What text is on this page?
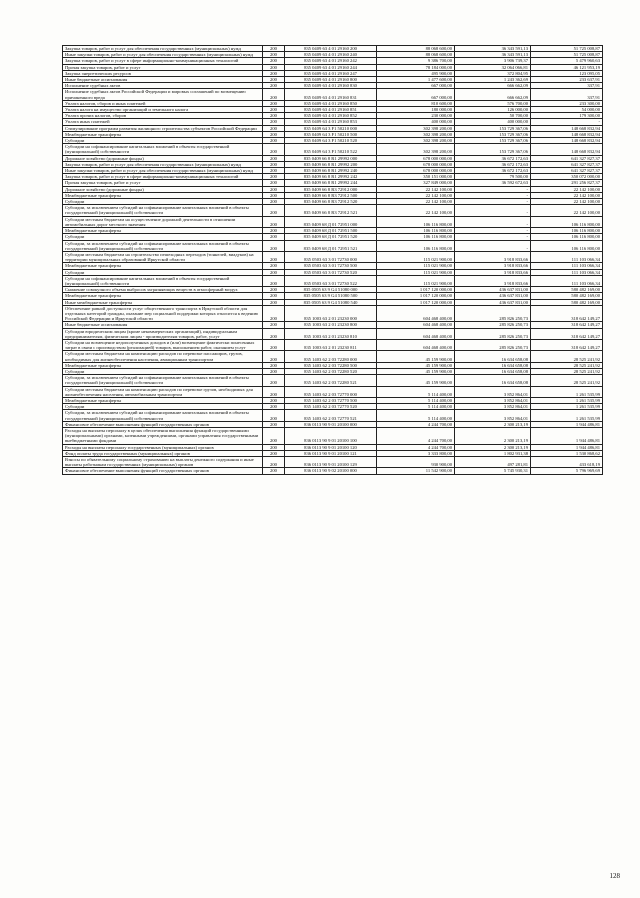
Закупка товаров, работ и услуг для обеспечения государственных (муниципальных) нужд	200	835 0409 63 4 01 29160 200	88 068 600,00	36 343 591,13	51 725 008,87
Иные закупки товаров, работ и услуг для обеспечения государственных (муниципальных) нужд	200	835 0409 63 4 01 29160 240	88 068 600,00	36 343 591,13	51 725 008,87
Закупка товаров, работ и услуг в сфере информационно-коммуникационных технологий	200	835 0409 63 4 01 29160 242	9 386 700,00	3 906 739,37	5 479 960,63
Прочая закупка товаров, работ и услуг	200	835 0409 63 4 01 29160 244	78 184 000,00	32 064 066,81	46 121 953,19
Закупка энергетических ресурсов	200	835 0409 63 4 01 29160 247	495 900,00	372 804,95	123 095,05
Иные бюджетные ассигнования	200	835 0409 63 4 01 29160 800	1 477 600,00	1 243 362,69	233 637,91
Исполнение судебных актов	200	835 0409 63 4 01 29160 830	667 000,00	666 662,09	337,91
Исполнение судебных актов Российской Федерации и мировых соглашений по возмещению причиненного вреда	200	835 0409 63 4 01 29160 831	667 000,00	666 662,09	337,91
Уплата налогов, сборов и иных платежей	200	835 0409 63 4 01 29160 850	810 600,00	576 700,00	233 300,00
Уплата налога на имущество организаций и земельного налога	200	835 0409 63 4 01 29160 851	180 000,00	126 000,00	54 000,00
Уплата прочих налогов, сборов	200	835 0409 63 4 01 29160 852	230 000,00	50 700,00	179 300,00
Уплата иных платежей	200	835 0409 63 4 01 29160 853	400 000,00	400 000,00	-
Стимулирование программ развития жилищного строительства субъектов Российской Федерации	200	835 0409 64 3 F1 50210 000	302 398 200,00	153 729 367,06	148 668 832,94
Межбюджетные трансферты	200	835 0409 64 3 F1 50210 500	302 398 200,00	153 729 367,06	148 668 832,94
Субсидии	200	835 0409 64 3 F1 50210 520	302 398 200,00	153 729 367,06	148 668 832,94
Субсидии на софинансирование капитальных вложений в объекты государственной (муниципальной) собственности	200	835 0409 64 3 F1 50210 522	302 398 200,00	153 729 367,06	148 668 832,94
Дорожное хозяйство (дорожные фонды)	200	835 0409 66 8 R1 29992 000	678 000 000,00	36 672 172,63	641 327 827,37
Закупка товаров, работ и услуг для обеспечения государственных (муниципальных) нужд	200	835 0409 66 8 R1 29992 200	678 000 000,00	36 672 172,63	641 327 827,37
Иные закупки товаров, работ и услуг для обеспечения государственных (муниципальных) нужд	200	835 0409 66 8 R1 29992 240	678 000 000,00	36 672 172,63	641 327 827,37
Закупка товаров, работ и услуг в сфере информационно-коммуникационных технологий	200	835 0409 66 8 R1 29992 242	350 151 000,00	79 500,00	350 072 000,00
Прочая закупка товаров, работ и услуг	200	835 0409 66 8 R1 29992 244	327 849 000,00	36 592 672,63	291 256 827,37
Дорожное хозяйство (дорожные фонды)	200	835 0409 66 8 R3 72912 000	22 142 100,00	-	22 142 100,00
Межбюджетные трансферты	200	835 0409 66 8 R3 72912 500	22 142 100,00	-	22 142 100,00
Субсидии	200	835 0409 66 8 R3 72912 520	22 142 100,00	-	22 142 100,00
Субсидии, за исключением субсидий на софинансирование капитальных вложений в объекты государственной (муниципальной) собственности	200	835 0409 66 8 R3 72912 521	22 142 100,00	-	22 142 100,00
Субсидии местным бюджетам на осуществление дорожной деятельности в отношении автомобильных дорог местного значения	200	835 0409 68 Д 01 72951 000	106 116 800,00	-	106 116 800,00
Межбюджетные трансферты	200	835 0409 68 Д 01 72951 500	106 116 800,00	-	106 116 800,00
Субсидии	200	835 0409 68 Д 01 72951 520	106 116 800,00	-	106 116 800,00
Субсидии, за исключением субсидий на софинансирование капитальных вложений в объекты государственной (муниципальной) собственности	200	835 0409 68 Д 01 72951 521	106 116 800,00	-	106 116 800,00
Субсидии местным бюджетам на строительство пешеходных переходов (тоннелей, виадуков) на территории муниципальных образований Иркутской области	200	835 0503 63 3 01 72730 000	115 021 900,00	3 918 833,66	111 103 066,34
Межбюджетные трансферты	200	835 0503 63 3 01 72730 500	115 021 900,00	3 918 833,66	111 103 066,34
Субсидии	200	835 0503 63 3 01 72730 520	115 021 900,00	3 918 833,66	111 103 066,34
Субсидии на софинансирование капитальных вложений в объекты государственной (муниципальной) собственности	200	835 0503 63 3 01 72730 522	115 021 900,00	3 918 833,66	111 103 066,34
Снижение совокупного объема выбросов загрязняющих веществ в атмосферный воздух	200	835 0505 63 9 G4 51080 000	1 017 120 000,00	436 637 831,00	580 482 169,00
Межбюджетные трансферты	200	835 0505 63 9 G4 51080 500	1 017 120 000,00	436 637 831,00	580 482 169,00
Иные межбюджетные трансферты	200	835 0505 63 9 G4 51080 540	1 017 120 000,00	436 637 831,00	580 482 169,00
Обеспечение равной доступности услуг общественного транспорта в Иркутской области для отдельных категорий граждан, оказание мер социальной поддержки которых относится к ведению Российской Федерации и Иркутской области	200	835 1003 63 2 01 23230 000	604 468 400,00	285 826 250,73	318 642 149,27
Иные бюджетные ассигнования	200	835 1003 63 2 01 23230 800	604 468 400,00	285 826 250,73	318 642 149,27
Субсидии юридическим лицам (кроме некоммерческих организаций), индивидуальным предпринимателям, физическим лицам - производителям товаров, работ, услуг	200	835 1003 63 2 01 23230 810	604 468 400,00	285 826 250,73	318 642 149,27
Субсидии на возмещение недополученных доходов и (или) возмещение фактически понесенных затрат в связи с производством (реализацией) товаров, выполнением работ, оказанием услуг	200	835 1003 63 2 01 23230 811	604 468 400,00	285 826 250,73	318 642 149,27
Субсидии местным бюджетам на компенсацию расходов по перевозке пассажиров, грузов, необходимых для жизнеобеспечения населения, авиационным транспортом	200	835 1403 62 2 03 72280 000	45 159 900,00	16 634 658,08	28 525 241,92
Межбюджетные трансферты	200	835 1403 62 2 03 72280 500	45 159 900,00	16 634 658,08	28 525 241,92
Субсидии	200	835 1403 62 2 03 72280 520	45 159 900,00	16 634 658,08	28 525 241,92
Субсидии, за исключением субсидий на софинансирование капитальных вложений в объекты государственной (муниципальной) собственности	200	835 1403 62 2 03 72280 521	45 159 900,00	16 634 658,08	28 525 241,92
Субсидии местным бюджетам на компенсацию расходов по перевозке грузов, необходимых для жизнеобеспечения населения, автомобильным транспортом	200	835 1403 62 2 03 72770 000	5 114 400,00	3 852 864,01	1 261 535,99
Межбюджетные трансферты	200	835 1403 62 2 03 72770 500	5 114 400,00	3 852 864,01	1 261 535,99
Субсидии	200	835 1403 62 2 03 72770 520	5 114 400,00	3 852 864,01	1 261 535,99
Субсидии, за исключением субсидий на софинансирование капитальных вложений в объекты государственной (муниципальной) собственности	200	835 1403 62 2 03 72770 521	5 114 400,00	3 852 864,01	1 261 535,99
Финансовое обеспечение выполнения функций государственных органов	200	836 0113 90 9 01 20100 000	4 244 700,00	2 300 213,19	1 944 486,81
Расходы на выплаты персоналу в целях обеспечения выполнения функций государственными (муниципальными) органами, казенными учреждениями, органами управления государственными внебюджетными фондами	200	836 0113 90 9 01 20100 100	4 244 700,00	2 300 213,19	1 944 486,81
Расходы на выплаты персоналу государственных (муниципальных) органов	200	836 0113 90 9 01 20100 120	4 244 700,00	2 300 213,19	1 944 486,81
Фонд оплаты труда государственных (муниципальных) органов	200	836 0113 90 9 01 20100 121	3 333 800,00	1 802 931,38	1 530 868,62
Взносы по обязательному социальному страхованию на выплаты денежного содержания и иные выплаты работникам государственных (муниципальных) органов	200	836 0113 90 9 01 20100 129	930 900,00	497 281,81	433 618,19
Финансовое обеспечение выполнения функций государственных органов	200	836 0113 90 9 02 20100 000	11 542 900,00	5 745 930,31	5 796 969,69
128
